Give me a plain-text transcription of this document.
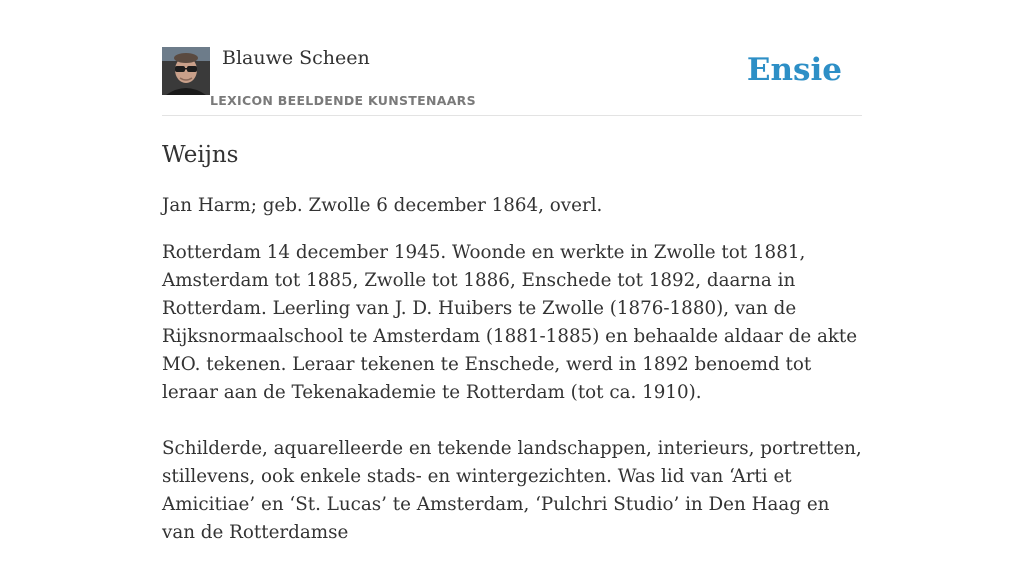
Blauwe Scheen
LEXICON BEELDENDE KUNSTENAARS
Ensie
Weijns

Jan Harm; geb. Zwolle 6 december 1864, overl.

Rotterdam 14 december 1945. Woonde en werkte in Zwolle tot 1881, Amsterdam tot 1885, Zwolle tot 1886, Enschede tot 1892, daarna in Rotterdam. Leerling van J. D. Huibers te Zwolle (1876-1880), van de Rijksnormaalschool te Amsterdam (1881-1885) en behaalde aldaar de akte MO. tekenen. Leraar tekenen te Enschede, werd in 1892 benoemd tot leraar aan de Tekenakademie te Rotterdam (tot ca. 1910).

Schilderde, aquarelleerde en tekende landschappen, interieurs, portretten, stillevens, ook enkele stads- en wintergezichten. Was lid van ‘Arti et Amicitiae’ en ‘St. Lucas’ te Amsterdam, ‘Pulchri Studio’ in Den Haag en van de Rotterdamse
